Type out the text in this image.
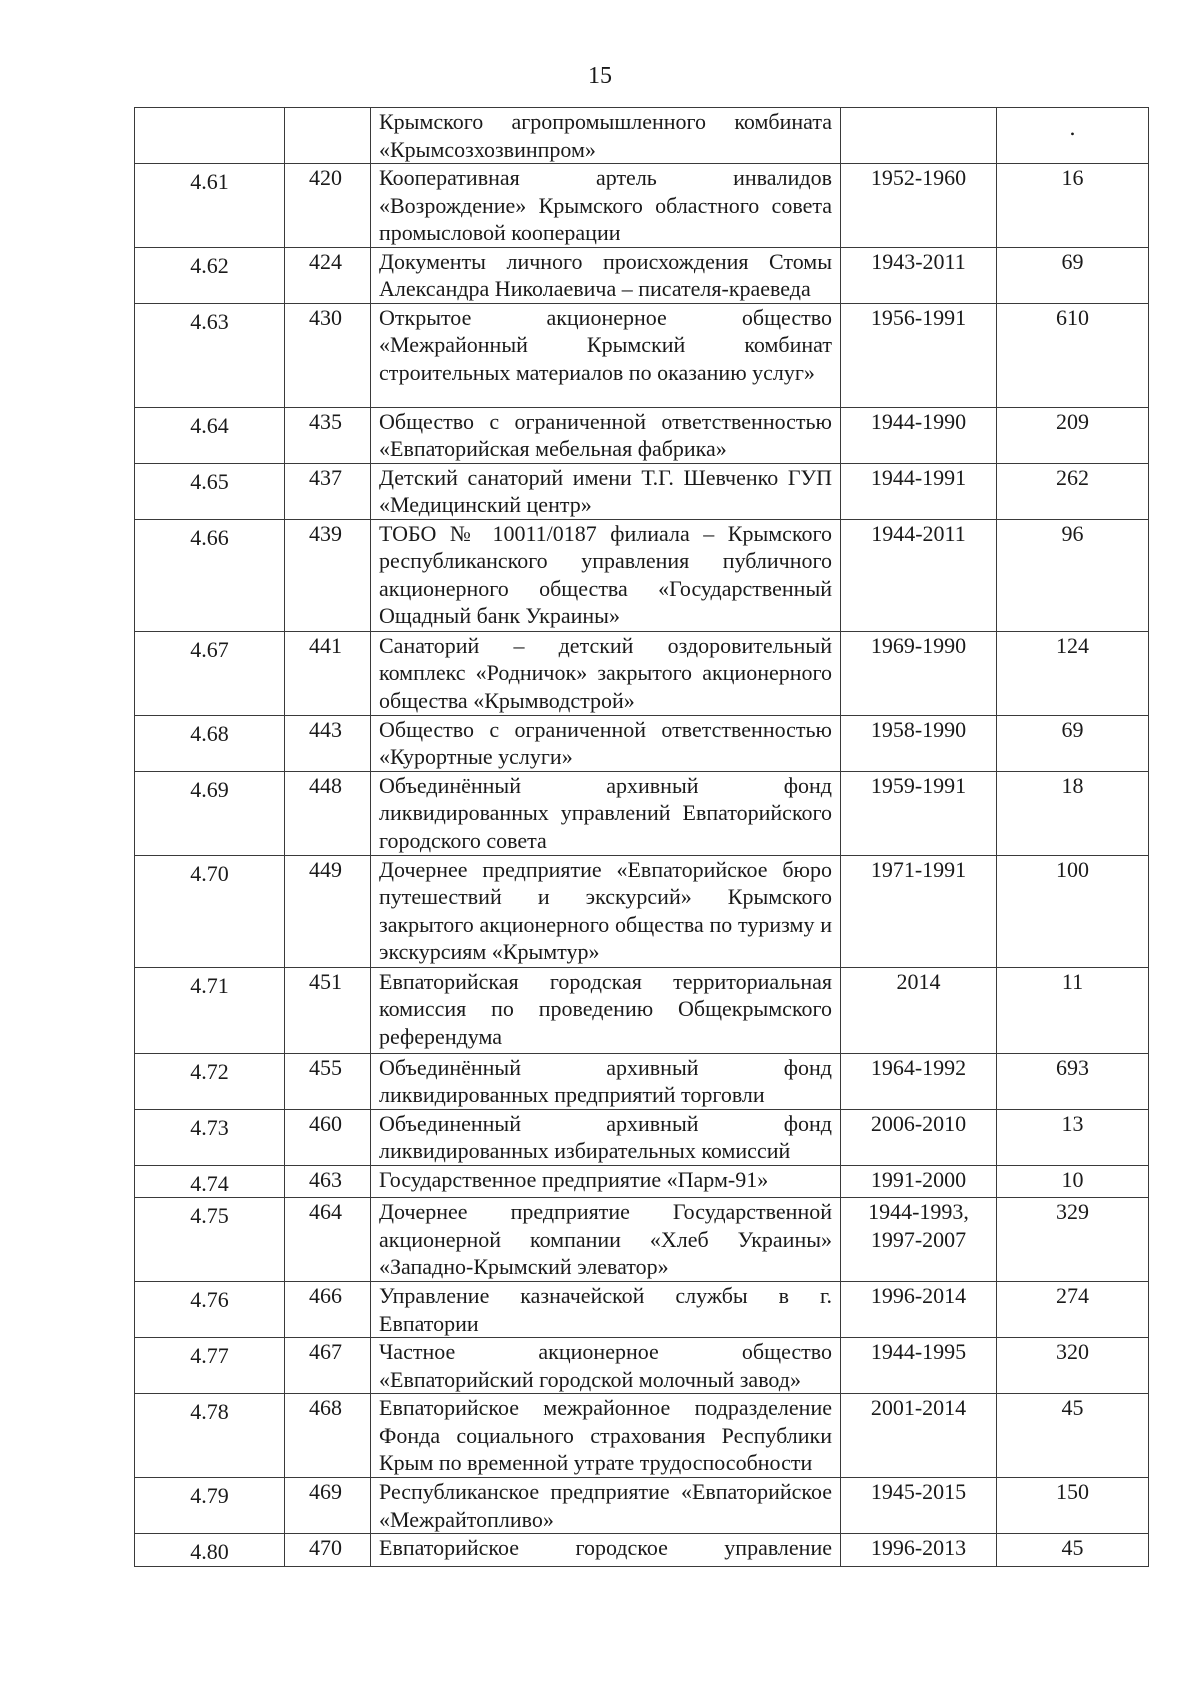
15
		Крымского агропромышленного комбината «Крымсозхозвинпром»		•
4.61	420	Кооперативная артель инвалидов «Возрождение» Крымского областного совета промысловой кооперации	1952-1960	16
4.62	424	Документы личного происхождения Стомы Александра Николаевича – писателя-краеведа	1943-2011	69
4.63	430	Открытое акционерное общество «Межрайонный Крымский комбинат строительных материалов по оказанию услуг»	1956-1991	610
4.64	435	Общество с ограниченной ответственностью «Евпаторийская мебельная фабрика»	1944-1990	209
4.65	437	Детский санаторий имени Т.Г. Шевченко ГУП «Медицинский центр»	1944-1991	262
4.66	439	ТОБО № 10011/0187 филиала – Крымского республиканского управления публичного акционерного общества «Государственный Ощадный банк Украины»	1944-2011	96
4.67	441	Санаторий – детский оздоровительный комплекс «Родничок» закрытого акционерного общества «Крымводстрой»	1969-1990	124
4.68	443	Общество с ограниченной ответственностью «Курортные услуги»	1958-1990	69
4.69	448	Объединённый архивный фонд ликвидированных управлений Евпаторийского городского совета	1959-1991	18
4.70	449	Дочернее предприятие «Евпаторийское бюро путешествий и экскурсий» Крымского закрытого акционерного общества по туризму и экскурсиям «Крымтур»	1971-1991	100
4.71	451	Евпаторийская городская территориальная комиссия по проведению Общекрымского референдума	2014	11
4.72	455	Объединённый архивный фонд ликвидированных предприятий торговли	1964-1992	693
4.73	460	Объединенный архивный фонд ликвидированных избирательных комиссий	2006-2010	13
4.74	463	Государственное предприятие «Парм-91»	1991-2000	10
4.75	464	Дочернее предприятие Государственной акционерной компании «Хлеб Украины» «Западно-Крымский элеватор»	1944-1993, 1997-2007	329
4.76	466	Управление казначейской службы в г. Евпатории	1996-2014	274
4.77	467	Частное акционерное общество «Евпаторийский городской молочный завод»	1944-1995	320
4.78	468	Евпаторийское межрайонное подразделение Фонда социального страхования Республики Крым по временной утрате трудоспособности	2001-2014	45
4.79	469	Республиканское предприятие «Евпаторийское «Межрайтопливо»	1945-2015	150
4.80	470	Евпаторийское городское управление	1996-2013	45
